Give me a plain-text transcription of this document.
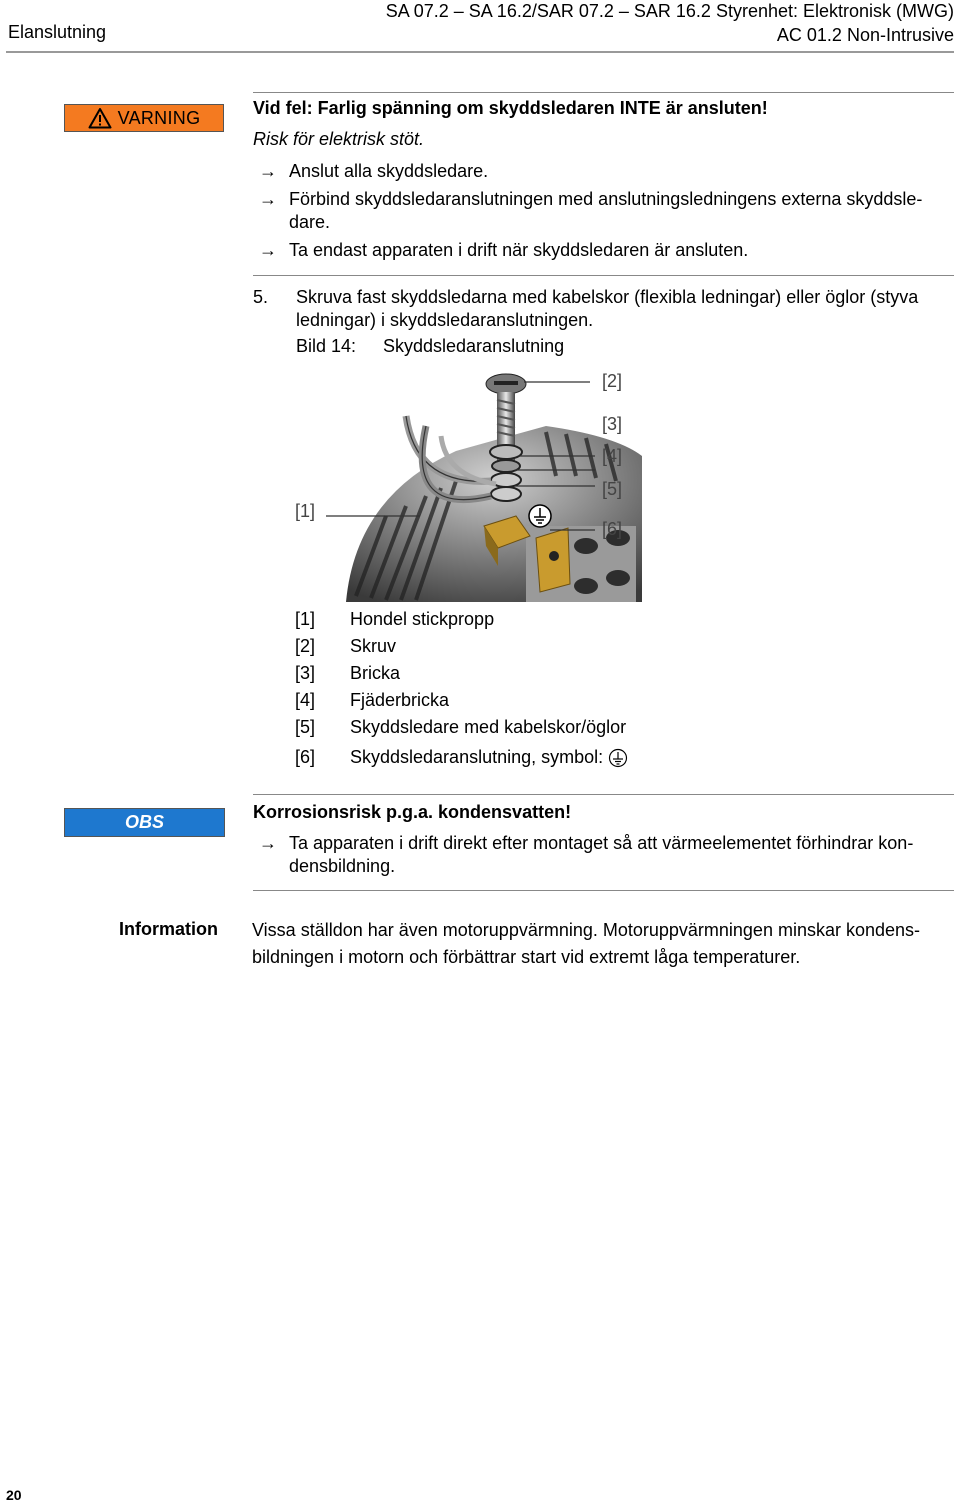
Elanslutning
SA 07.2 – SA 16.2/SAR 07.2 – SAR 16.2 Styrenhet: Elektronisk (MWG)
AC 01.2 Non-Intrusive
VARNING	Vid fel: Farlig spänning om skyddsledaren INTE är ansluten!
Risk för elektrisk stöt.
→ Anslut alla skyddsledare.
→ Förbind skyddsledaranslutningen med anslutningsledningens externa skyddsle-
dare.
→ Ta endast apparaten i drift när skyddsledaren är ansluten.
5. Skruva fast skyddsledarna med kabelskor (flexibla ledningar) eller öglor (styva
ledningar) i skyddsledaranslutningen.
Bild 14: Skyddsledaranslutning
[1]
[2]
[3]
[4]
[5]
[6]
[1]	Hondel stickpropp
[2]	Skruv
[3]	Bricka
[4]	Fjäderbricka
[5]	Skyddsledare med kabelskor/öglor
[6]	Skyddsledaranslutning, symbol:
OBS	Korrosionsrisk p.g.a. kondensvatten!
→ Ta apparaten i drift direkt efter montaget så att värmeelementet förhindrar kon-
densbildning.
Information Vissa ställdon har även motoruppvärmning. Motoruppvärmningen minskar kondens-
bildningen i motorn och förbättrar start vid extremt låga temperaturer.
20
